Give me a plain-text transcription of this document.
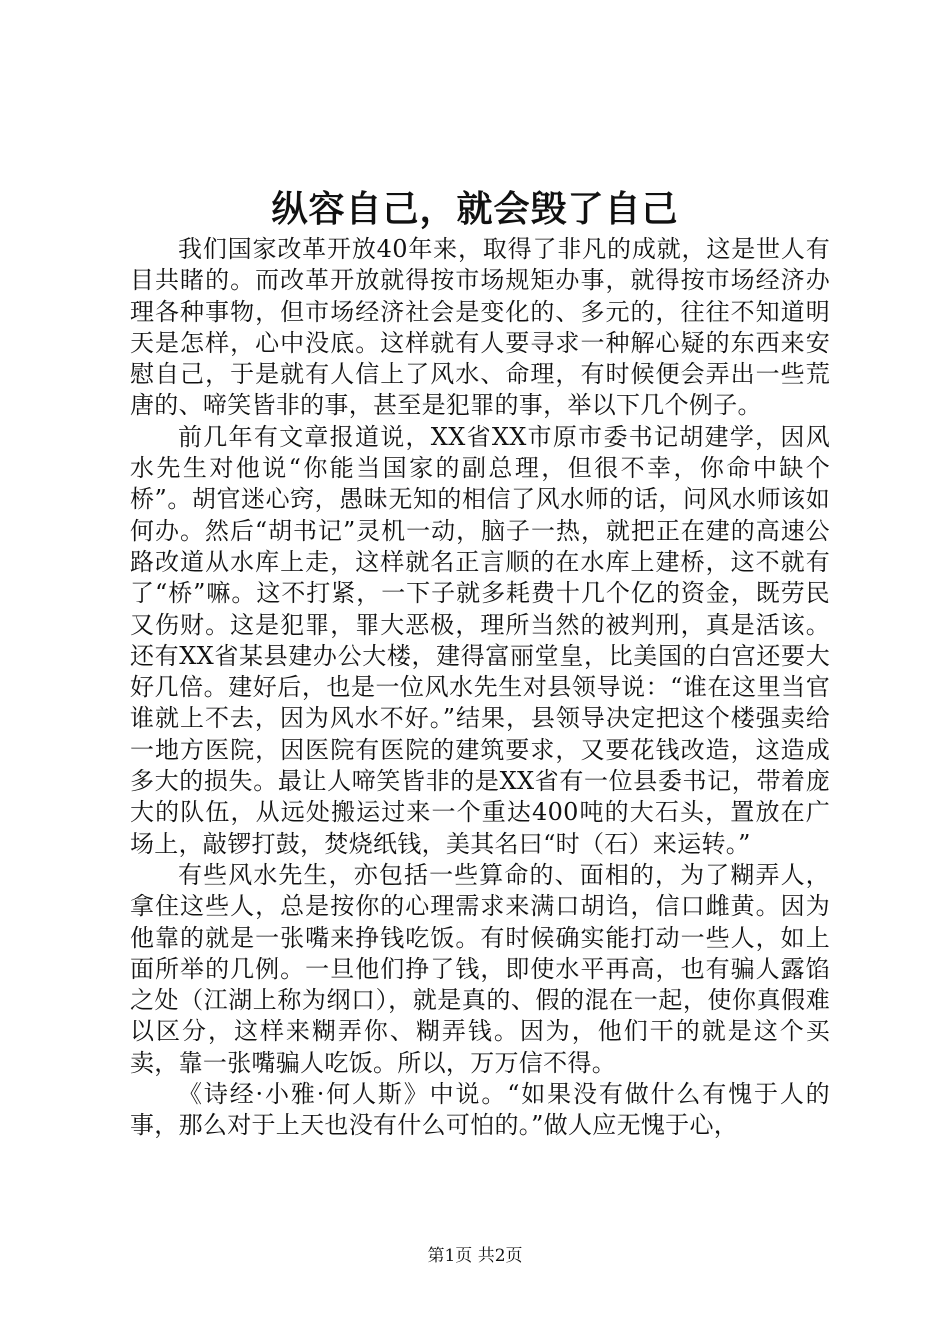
纵容自己，就会毁了自己

我们国家改革开放40年来，取得了非凡的成就，这是世人有目共睹的。而改革开放就得按市场规矩办事，就得按市场经济办理各种事物，但市场经济社会是变化的、多元的，往往不知道明天是怎样，心中没底。这样就有人要寻求一种解心疑的东西来安慰自己，于是就有人信上了风水、命理，有时候便会弄出一些荒唐的、啼笑皆非的事，甚至是犯罪的事，举以下几个例子。

前几年有文章报道说，XX省XX市原市委书记胡建学，因风水先生对他说“你能当国家的副总理，但很不幸，你命中缺个桥”。胡官迷心窍，愚昧无知的相信了风水师的话，问风水师该如何办。然后“胡书记”灵机一动，脑子一热，就把正在建的高速公路改道从水库上走，这样就名正言顺的在水库上建桥，这不就有了“桥”嘛。这不打紧，一下子就多耗费十几个亿的资金，既劳民又伤财。这是犯罪，罪大恶极，理所当然的被判刑，真是活该。还有XX省某县建办公大楼，建得富丽堂皇，比美国的白宫还要大好几倍。建好后，也是一位风水先生对县领导说：“谁在这里当官谁就上不去，因为风水不好。”结果，县领导决定把这个楼强卖给一地方医院，因医院有医院的建筑要求，又要花钱改造，这造成多大的损失。最让人啼笑皆非的是XX省有一位县委书记，带着庞大的队伍，从远处搬运过来一个重达400吨的大石头，置放在广场上，敲锣打鼓，焚烧纸钱，美其名曰“时（石）来运转。”

有些风水先生，亦包括一些算命的、面相的，为了糊弄人，拿住这些人，总是按你的心理需求来满口胡诌，信口雌黄。因为他靠的就是一张嘴来挣钱吃饭。有时候确实能打动一些人，如上面所举的几例。一旦他们挣了钱，即使水平再高，也有骗人露馅之处（江湖上称为纲口），就是真的、假的混在一起，使你真假难以区分，这样来糊弄你、糊弄钱。因为，他们干的就是这个买卖，靠一张嘴骗人吃饭。所以，万万信不得。

《诗经·小雅·何人斯》中说。“如果没有做什么有愧于人的事，那么对于上天也没有什么可怕的。”做人应无愧于心，

第1页 共2页
